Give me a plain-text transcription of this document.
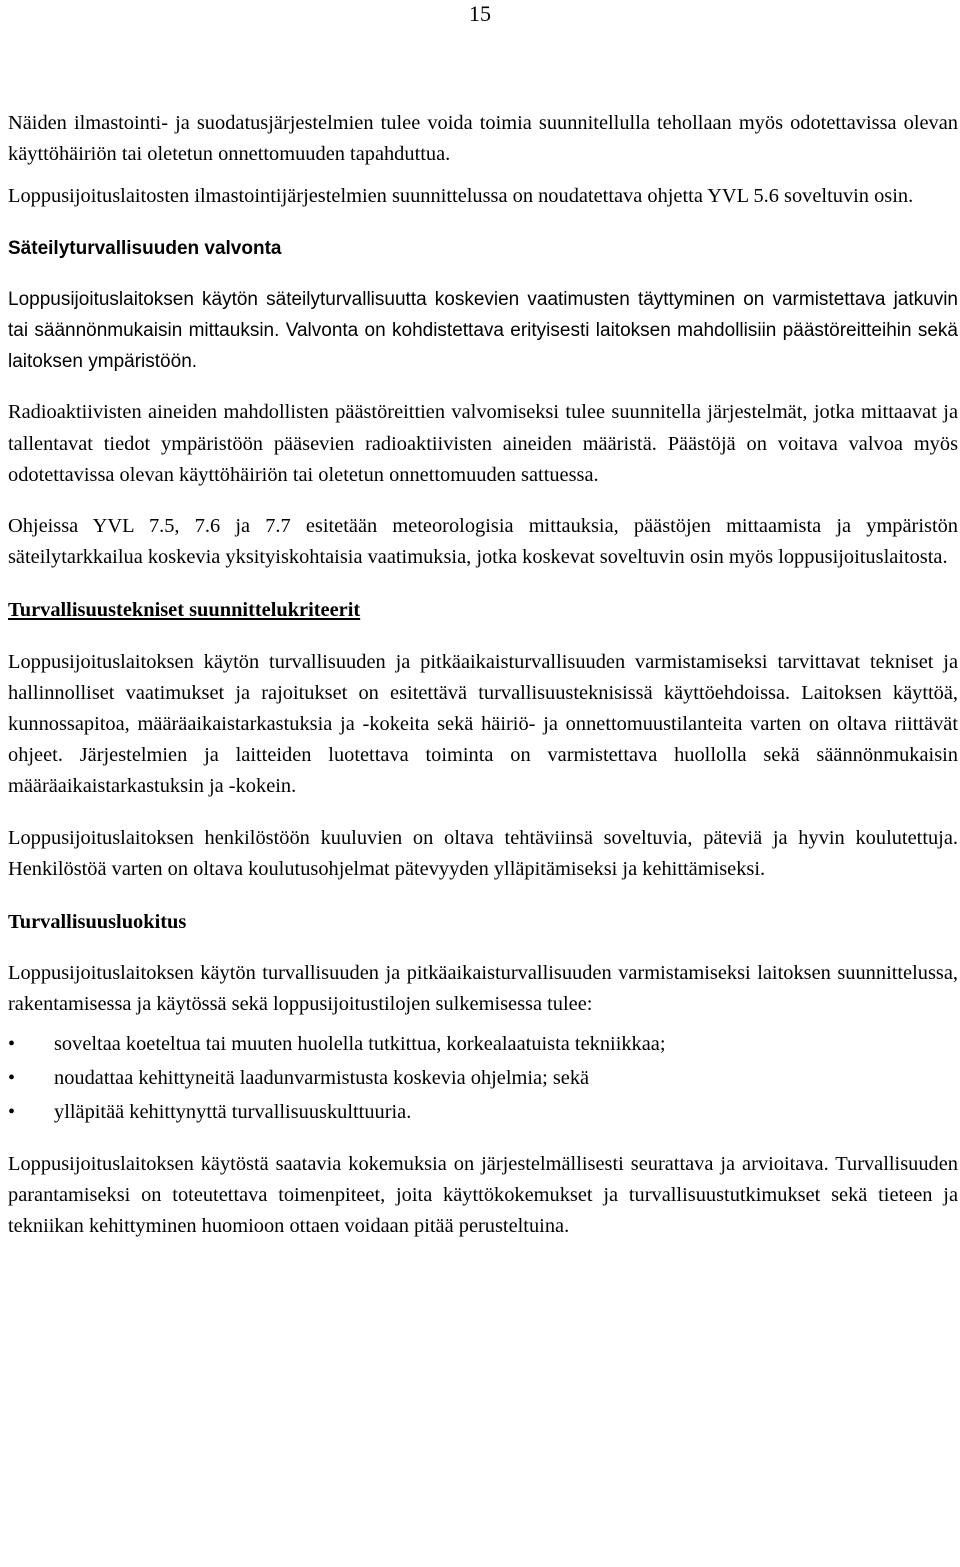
15

Näiden ilmastointi- ja suodatusjärjestelmien tulee voida toimia suunnitellulla tehollaan myös odotettavissa olevan käyttöhäiriön tai oletetun onnettomuuden tapahduttua.

Loppusijoituslaitosten ilmastointijärjestelmien suunnittelussa on noudatettava ohjetta YVL 5.6 soveltuvin osin.

Säteilyturvallisuuden valvonta

Loppusijoituslaitoksen käytön säteilyturvallisuutta koskevien vaatimusten täyttyminen on varmistettava jatkuvin tai säännönmukaisin mittauksin. Valvonta on kohdistettava erityisesti laitoksen mahdollisiin päästöreitteihin sekä laitoksen ympäristöön.

Radioaktiivisten aineiden mahdollisten päästöreittien valvomiseksi tulee suunnitella järjestelmät, jotka mittaavat ja tallentavat tiedot ympäristöön pääsevien radioaktiivisten aineiden määristä. Päästöjä on voitava valvoa myös odotettavissa olevan käyttöhäiriön tai oletetun onnettomuuden sattuessa.

Ohjeissa YVL 7.5, 7.6 ja 7.7 esitetään meteorologisia mittauksia, päästöjen mittaamista ja ympäristön säteilytarkkailua koskevia yksityiskohtaisia vaatimuksia, jotka koskevat soveltuvin osin myös loppusijoituslaitosta.

Turvallisuustekniset suunnittelukriteerit

Loppusijoituslaitoksen käytön turvallisuuden ja pitkäaikaisturvallisuuden varmistamiseksi tarvittavat tekniset ja hallinnolliset vaatimukset ja rajoitukset on esitettävä turvallisuusteknisissä käyttöehdoissa. Laitoksen käyttöä, kunnossapitoa, määräaikaistarkastuksia ja -kokeita sekä häiriö- ja onnettomuustilanteita varten on oltava riittävät ohjeet. Järjestelmien ja laitteiden luotettava toiminta on varmistettava huollolla sekä säännönmukaisin määräaikaistarkastuksin ja -kokein.

Loppusijoituslaitoksen henkilöstöön kuuluvien on oltava tehtäviinsä soveltuvia, päteviä ja hyvin koulutettuja. Henkilöstöä varten on oltava koulutusohjelmat pätevyyden ylläpitämiseksi ja kehittämiseksi.

Turvallisuusluokitus

Loppusijoituslaitoksen käytön turvallisuuden ja pitkäaikaisturvallisuuden varmistamiseksi laitoksen suunnittelussa, rakentamisessa ja käytössä sekä loppusijoitustilojen sulkemisessa tulee:

• soveltaa koeteltua tai muuten huolella tutkittua, korkealaatuista tekniikkaa;
• noudattaa kehittyneitä laadunvarmistusta koskevia ohjelmia; sekä
• ylläpitää kehittynyttä turvallisuuskulttuuria.

Loppusijoituslaitoksen käytöstä saatavia kokemuksia on järjestelmällisesti seurattava ja arvioitava. Turvallisuuden parantamiseksi on toteutettava toimenpiteet, joita käyttökokemukset ja turvallisuustutkimukset sekä tieteen ja tekniikan kehittyminen huomioon ottaen voidaan pitää perusteltuina.
